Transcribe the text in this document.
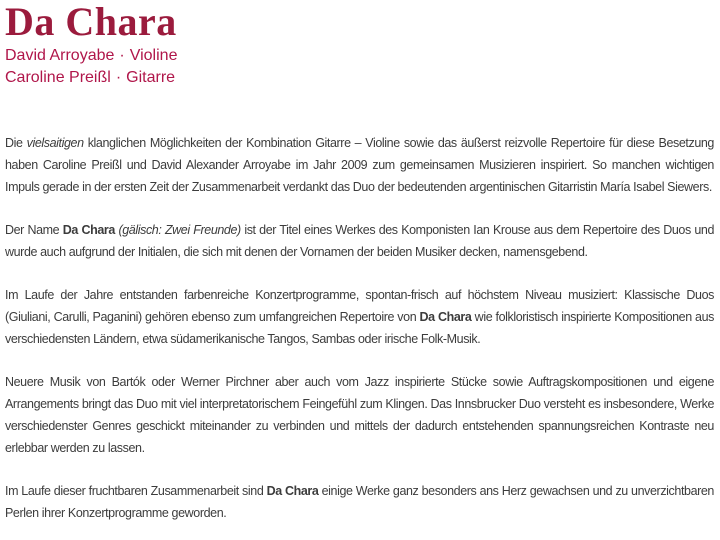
Da Chara
David Arroyabe · Violine
Caroline Preißl · Gitarre

Die vielsaitigen klanglichen Möglichkeiten der Kombination Gitarre – Violine sowie das äußerst reizvolle Repertoire für diese Besetzung haben Caroline Preißl und David Alexander Arroyabe im Jahr 2009 zum gemeinsamen Musizieren inspiriert. So manchen wichtigen Impuls gerade in der ersten Zeit der Zusammenarbeit verdankt das Duo der bedeutenden argentinischen Gitarristin María Isabel Siewers.

Der Name Da Chara (gälisch: Zwei Freunde) ist der Titel eines Werkes des Komponisten Ian Krouse aus dem Repertoire des Duos und wurde auch aufgrund der Initialen, die sich mit denen der Vornamen der beiden Musiker decken, namensgebend.

Im Laufe der Jahre entstanden farbenreiche Konzertprogramme, spontan-frisch auf höchstem Niveau musiziert: Klassische Duos (Giuliani, Carulli, Paganini) gehören ebenso zum umfangreichen Repertoire von Da Chara wie folkloristisch inspirierte Kompositionen aus verschiedensten Ländern, etwa südamerikanische Tangos, Sambas oder irische Folk-Musik.

Neuere Musik von Bartók oder Werner Pirchner aber auch vom Jazz inspirierte Stücke sowie Auftragskompositionen und eigene Arrangements bringt das Duo mit viel interpretatorischem Feingefühl zum Klingen. Das Innsbrucker Duo versteht es insbesondere, Werke verschiedenster Genres geschickt miteinander zu verbinden und mittels der dadurch entstehenden spannungsreichen Kontraste neu erlebbar werden zu lassen.

Im Laufe dieser fruchtbaren Zusammenarbeit sind Da Chara einige Werke ganz besonders ans Herz gewachsen und zu unverzichtbaren Perlen ihrer Konzertprogramme geworden.
